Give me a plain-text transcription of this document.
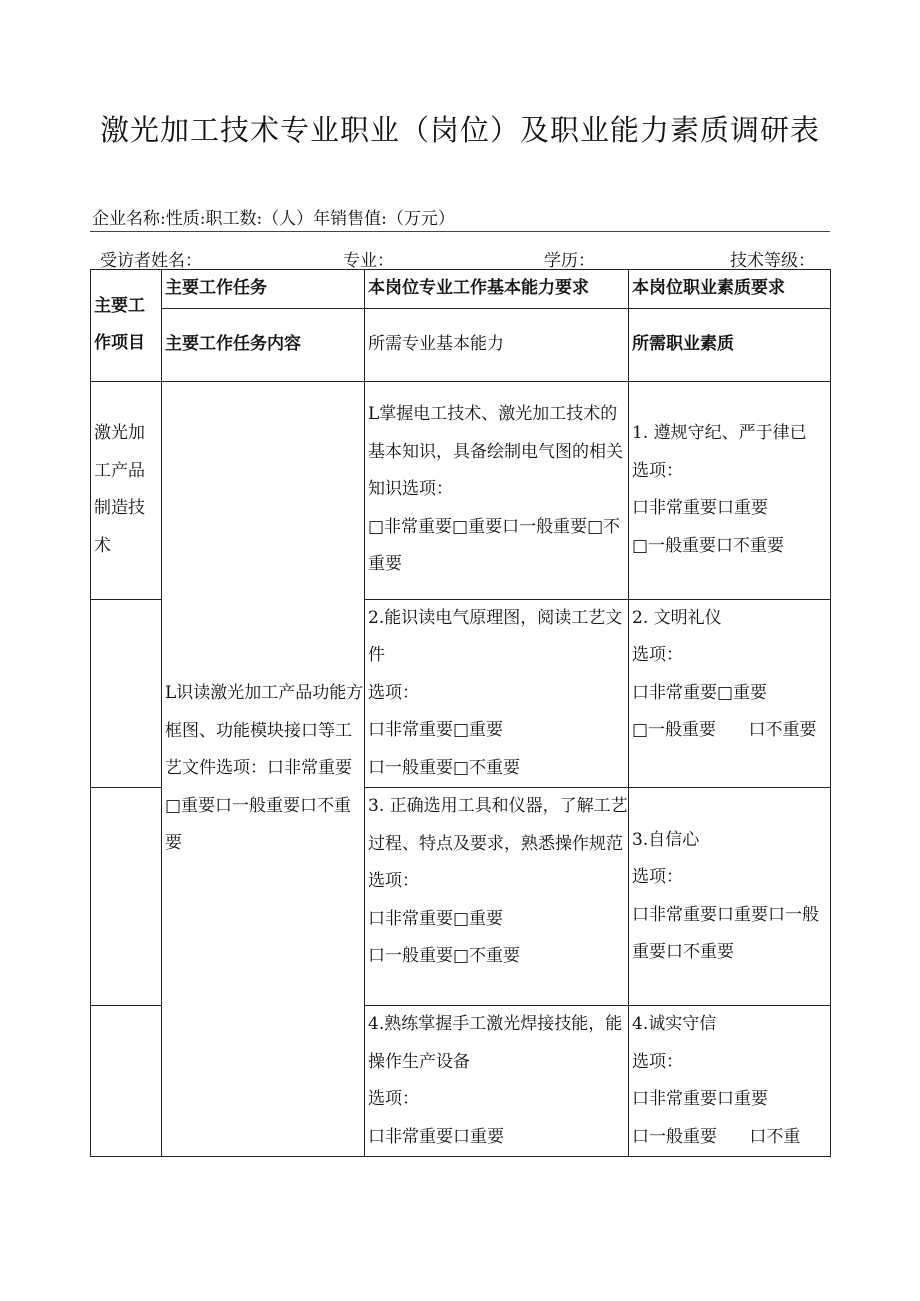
激光加工技术专业职业（岗位）及职业能力素质调研表
企业名称:性质:职工数:（人）年销售值:（万元）
受访者姓名：	专业：	学历：	技术等级：
主要工作项目	主要工作任务	本岗位专业工作基本能力要求	本岗位职业素质要求
	主要工作任务内容	所需专业基本能力	所需职业素质
激光加工产品制造技术	L识读激光加工产品功能方框图、功能模块接口等工艺文件选项：口非常重要□重要口一般重要口不重要	L掌握电工技术、激光加工技术的基本知识，具备绘制电气图的相关知识选项：
□非常重要□重要口一般重要□不重要	1. 遵规守纪、严于律已
选项：
口非常重要口重要
□一般重要口不重要

		2.能识读电气原理图，阅读工艺文件
选项：
口非常重要□重要
口一般重要□不重要	2. 文明礼仪
选项：
口非常重要□重要
□一般重要      口不重要

		3. 正确选用工具和仪器，了解工艺过程、特点及要求，熟悉操作规范
选项：
口非常重要□重要
口一般重要□不重要	3.自信心
选项：
口非常重要口重要口一般重要口不重要

		4.熟练掌握手工激光焊接技能，能操作生产设备
选项：
口非常重要口重要	4.诚实守信
选项：
口非常重要口重要
口一般重要      口不重
